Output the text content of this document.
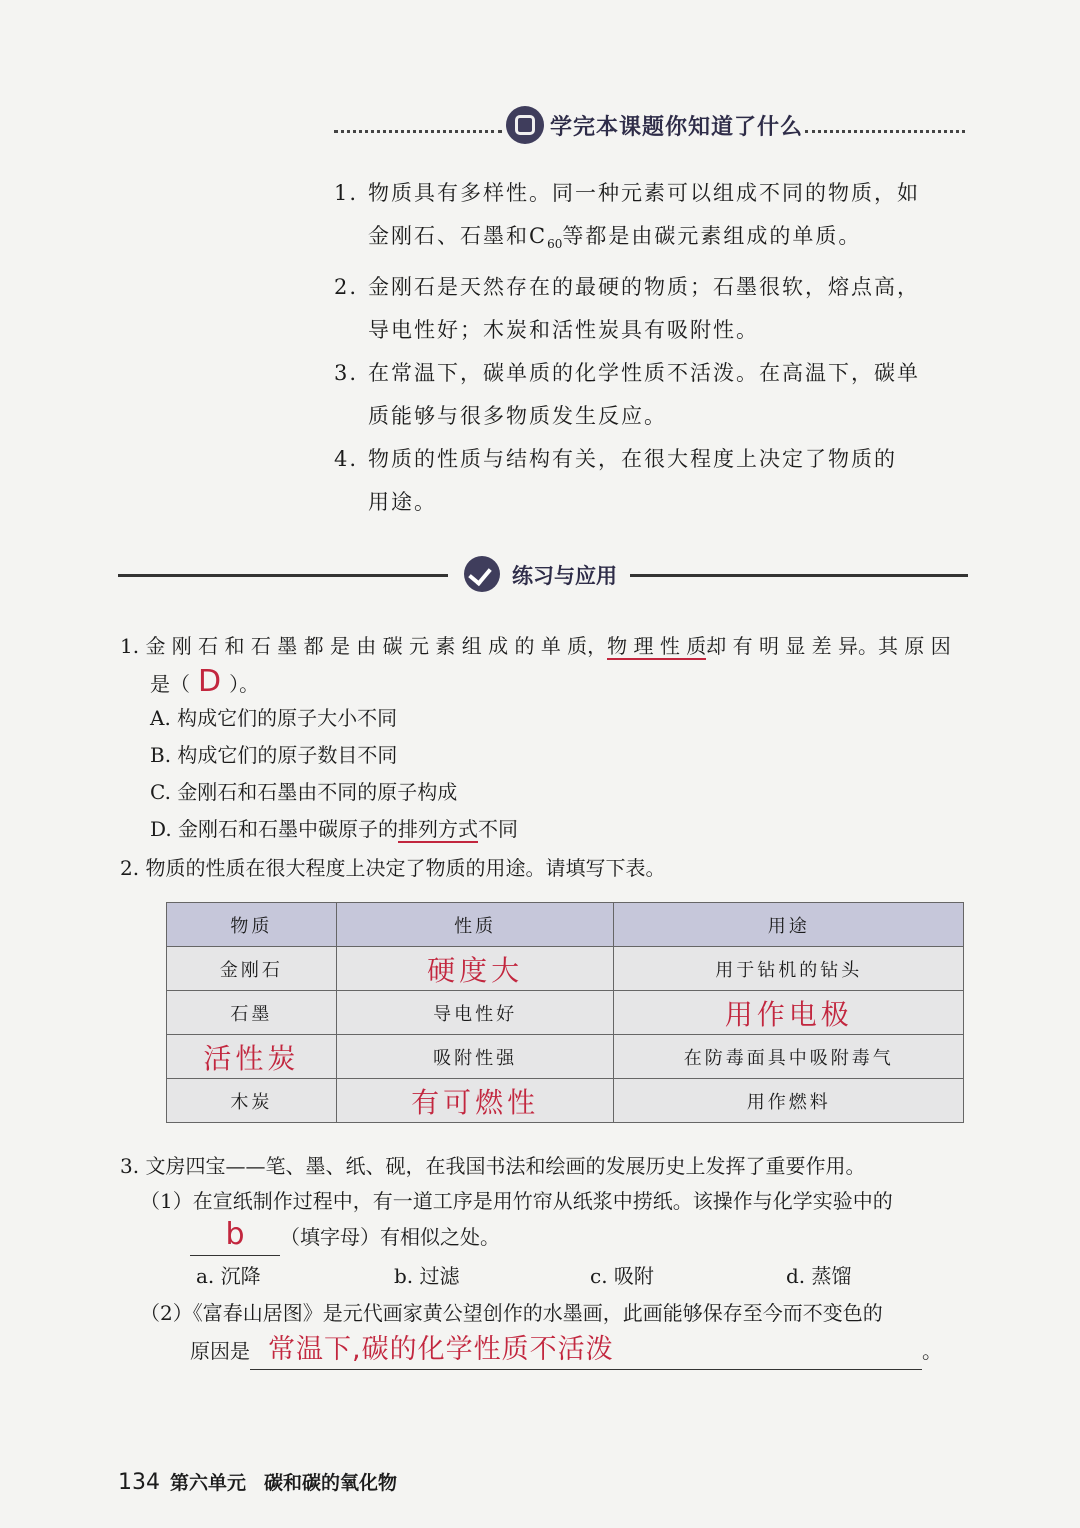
学完本课题你知道了什么
1. 物质具有多样性。同一种元素可以组成不同的物质，如
金刚石、石墨和$C_{60}$等都是由碳元素组成的单质。
2. 金刚石是天然存在的最硬的物质；石墨很软，熔点高，
导电性好；木炭和活性炭具有吸附性。
3. 在常温下，碳单质的化学性质不活泼。在高温下，碳单
质能够与很多物质发生反应。
4. 物质的性质与结构有关，在很大程度上决定了物质的
用途。
练习与应用
1. 金 刚 石 和 石 墨 都 是 由 碳 元 素 组 成 的 单 质，物 理 性 质却 有 明 显 差 异。其 原 因
是（ D ）。
A. 构成它们的原子大小不同
B. 构成它们的原子数目不同
C. 金刚石和石墨由不同的原子构成
D. 金刚石和石墨中碳原子的排列方式不同
2. 物质的性质在很大程度上决定了物质的用途。请填写下表。
物质	性质	用途
金刚石	硬度大	用于钻机的钻头
石墨	导电性好	用作电极
活性炭	吸附性强	在防毒面具中吸附毒气
木炭	有可燃性	用作燃料
3. 文房四宝——笔、墨、纸、砚，在我国书法和绘画的发展历史上发挥了重要作用。
（1）在宣纸制作过程中，有一道工序是用竹帘从纸浆中捞纸。该操作与化学实验中的
b （填字母）有相似之处。
a. 沉降	b. 过滤	c. 吸附	d. 蒸馏
（2）《富春山居图》是元代画家黄公望创作的水墨画，此画能够保存至今而不变色的
原因是 常温下,碳的化学性质不活泼	。
134 第六单元 碳和碳的氧化物
